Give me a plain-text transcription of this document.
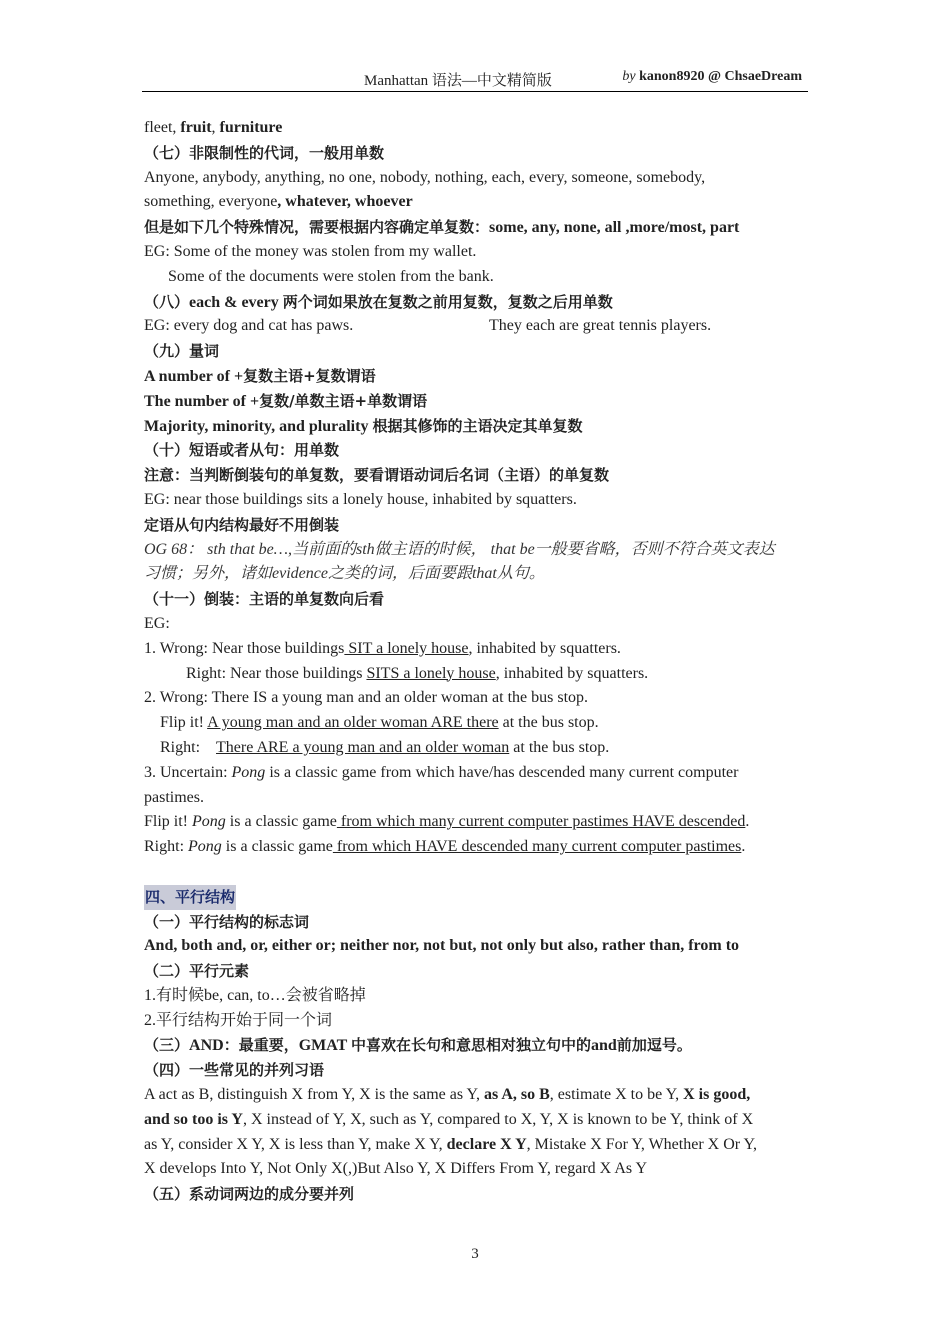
Manhattan 语法—中文精简版	by kanon8920 @ ChsaeDream
fleet, fruit, furniture
（七）非限制性的代词，一般用单数
Anyone, anybody, anything, no one, nobody, nothing, each, every, someone, somebody,
something, everyone, whatever, whoever
但是如下几个特殊情况，需要根据内容确定单复数：some, any, none, all ,more/most, part
EG: Some of the money was stolen from my wallet.
Some of the documents were stolen from the bank.
（八）each & every 两个词如果放在复数之前用复数，复数之后用单数
EG: every dog and cat has paws.	They each are great tennis players.
（九）量词
A number of +复数主语+复数谓语
The number of +复数/单数主语+单数谓语
Majority, minority, and plurality 根据其修饰的主语决定其单复数
（十）短语或者从句：用单数
注意：当判断倒装句的单复数，要看谓语动词后名词（主语）的单复数
EG: near those buildings sits a lonely house, inhabited by squatters.
定语从句内结构最好不用倒装
OG 68： sth that be…,当前面的sth做主语的时候， that be一般要省略，否则不符合英文表达
习惯；另外，诸如evidence之类的词，后面要跟that从句。
（十一）倒装：主语的单复数向后看
EG:
1. Wrong: Near those buildings SIT a lonely house, inhabited by squatters.
Right: Near those buildings SITS a lonely house, inhabited by squatters.
2. Wrong: There IS a young man and an older woman at the bus stop.
Flip it! A young man and an older woman ARE there at the bus stop.
Right: There ARE a young man and an older woman at the bus stop.
3. Uncertain: Pong is a classic game from which have/has descended many current computer
pastimes.
Flip it! Pong is a classic game from which many current computer pastimes HAVE descended.
Right: Pong is a classic game from which HAVE descended many current computer pastimes.
四、平行结构
（一）平行结构的标志词
And, both and, or, either or; neither nor, not but, not only but also, rather than, from to
（二）平行元素
1.有时候be, can, to…会被省略掉
2.平行结构开始于同一个词
（三）AND：最重要，GMAT 中喜欢在长句和意思相对独立句中的and前加逗号。
（四）一些常见的并列习语
A act as B, distinguish X from Y, X is the same as Y, as A, so B, estimate X to be Y, X is good,
and so too is Y, X instead of Y, X, such as Y, compared to X, Y, X is known to be Y, think of X
as Y, consider X Y, X is less than Y, make X Y, declare X Y, Mistake X For Y, Whether X Or Y,
X develops Into Y, Not Only X(,)But Also Y, X Differs From Y, regard X As Y
（五）系动词两边的成分要并列
3
